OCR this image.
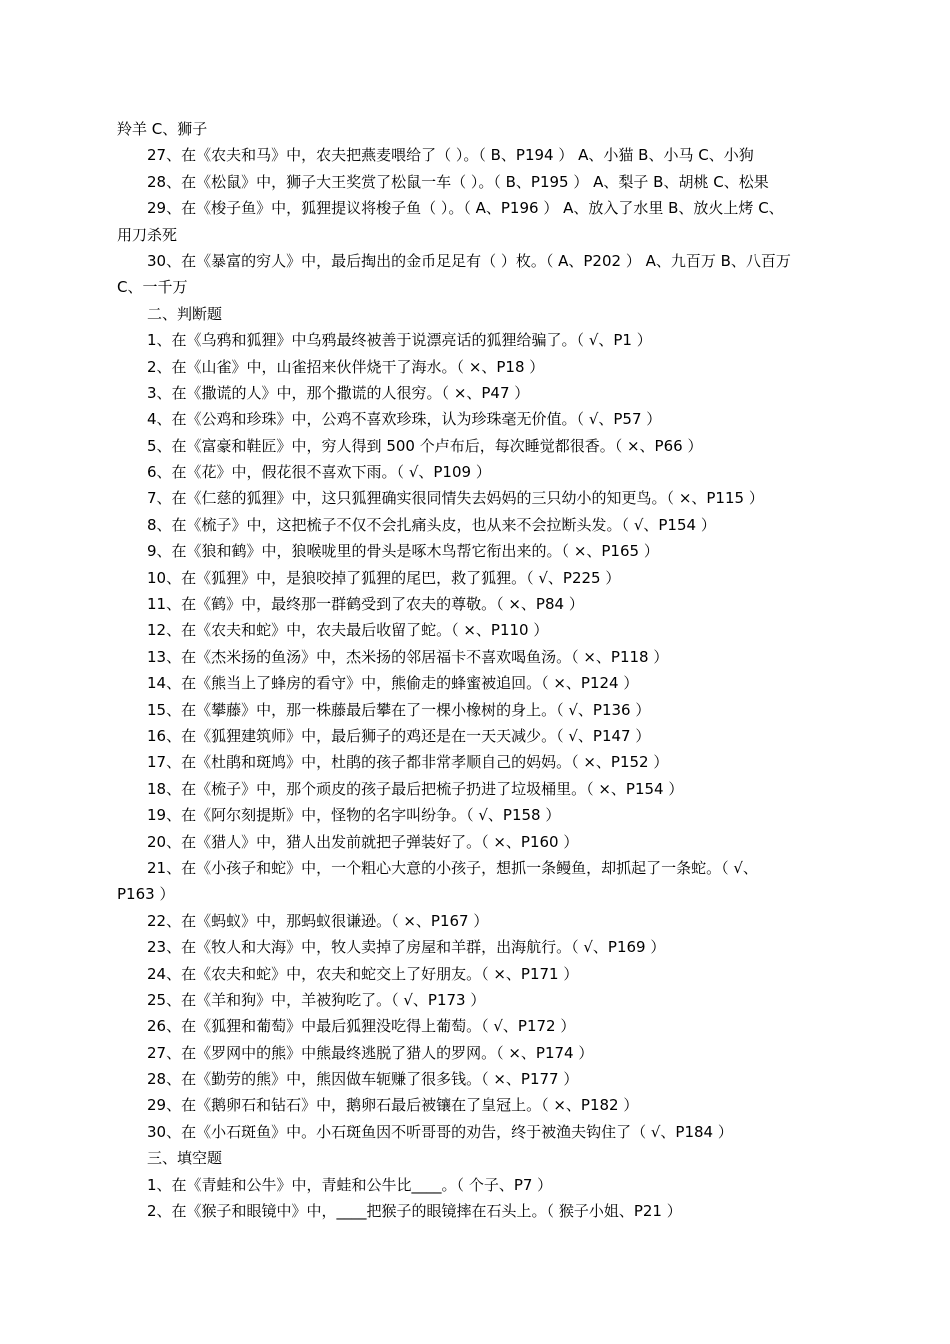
羚羊 C、狮子
27、在《农夫和马》中，农夫把燕麦喂给了（ ）。（ B、P194 ） A、小猫 B、小马 C、小狗
28、在《松鼠》中，狮子大王奖赏了松鼠一车（ ）。（ B、P195 ） A、梨子 B、胡桃 C、松果
29、在《梭子鱼》中，狐狸提议将梭子鱼（ ）。（ A、P196 ） A、放入了水里 B、放火上烤 C、
用刀杀死
30、在《暴富的穷人》中，最后掏出的金币足足有（ ）枚。（ A、P202 ） A、九百万 B、八百万
C、一千万
二、判断题
1、在《乌鸦和狐狸》中乌鸦最终被善于说漂亮话的狐狸给骗了。（ √、P1 ）
2、在《山雀》中，山雀招来伙伴烧干了海水。（ ×、P18 ）
3、在《撒谎的人》中，那个撒谎的人很穷。（ ×、P47 ）
4、在《公鸡和珍珠》中，公鸡不喜欢珍珠，认为珍珠毫无价值。（ √、P57 ）
5、在《富豪和鞋匠》中，穷人得到 500 个卢布后，每次睡觉都很香。（ ×、P66 ）
6、在《花》中，假花很不喜欢下雨。（ √、P109 ）
7、在《仁慈的狐狸》中，这只狐狸确实很同情失去妈妈的三只幼小的知更鸟。（ ×、P115 ）
8、在《梳子》中，这把梳子不仅不会扎痛头皮，也从来不会拉断头发。（ √、P154 ）
9、在《狼和鹤》中，狼喉咙里的骨头是啄木鸟帮它衔出来的。（ ×、P165 ）
10、在《狐狸》中，是狼咬掉了狐狸的尾巴，救了狐狸。（ √、P225 ）
11、在《鹤》中，最终那一群鹤受到了农夫的尊敬。（ ×、P84 ）
12、在《农夫和蛇》中，农夫最后收留了蛇。（ ×、P110 ）
13、在《杰米扬的鱼汤》中，杰米扬的邻居福卡不喜欢喝鱼汤。（ ×、P118 ）
14、在《熊当上了蜂房的看守》中，熊偷走的蜂蜜被追回。（ ×、P124 ）
15、在《攀藤》中，那一株藤最后攀在了一棵小橡树的身上。（ √、P136 ）
16、在《狐狸建筑师》中，最后狮子的鸡还是在一天天减少。（ √、P147 ）
17、在《杜鹃和斑鸠》中，杜鹃的孩子都非常孝顺自己的妈妈。（ ×、P152 ）
18、在《梳子》中，那个顽皮的孩子最后把梳子扔进了垃圾桶里。（ ×、P154 ）
19、在《阿尔刻提斯》中，怪物的名字叫纷争。（ √、P158 ）
20、在《猎人》中，猎人出发前就把子弹装好了。（ ×、P160 ）
21、在《小孩子和蛇》中，一个粗心大意的小孩子，想抓一条鳗鱼，却抓起了一条蛇。（ √、
P163 ）
22、在《蚂蚁》中，那蚂蚁很谦逊。（ ×、P167 ）
23、在《牧人和大海》中，牧人卖掉了房屋和羊群，出海航行。（ √、P169 ）
24、在《农夫和蛇》中，农夫和蛇交上了好朋友。（ ×、P171 ）
25、在《羊和狗》中，羊被狗吃了。（ √、P173 ）
26、在《狐狸和葡萄》中最后狐狸没吃得上葡萄。（ √、P172 ）
27、在《罗网中的熊》中熊最终逃脱了猎人的罗网。（ ×、P174 ）
28、在《勤劳的熊》中，熊因做车轭赚了很多钱。（ ×、P177 ）
29、在《鹅卵石和钻石》中，鹅卵石最后被镶在了皇冠上。（ ×、P182 ）
30、在《小石斑鱼》中。小石斑鱼因不听哥哥的劝告，终于被渔夫钩住了（ √、P184 ）
三、填空题
1、在《青蛙和公牛》中，青蛙和公牛比____。（ 个子、P7 ）
2、在《猴子和眼镜中》中，____把猴子的眼镜摔在石头上。（ 猴子小姐、P21 ）
